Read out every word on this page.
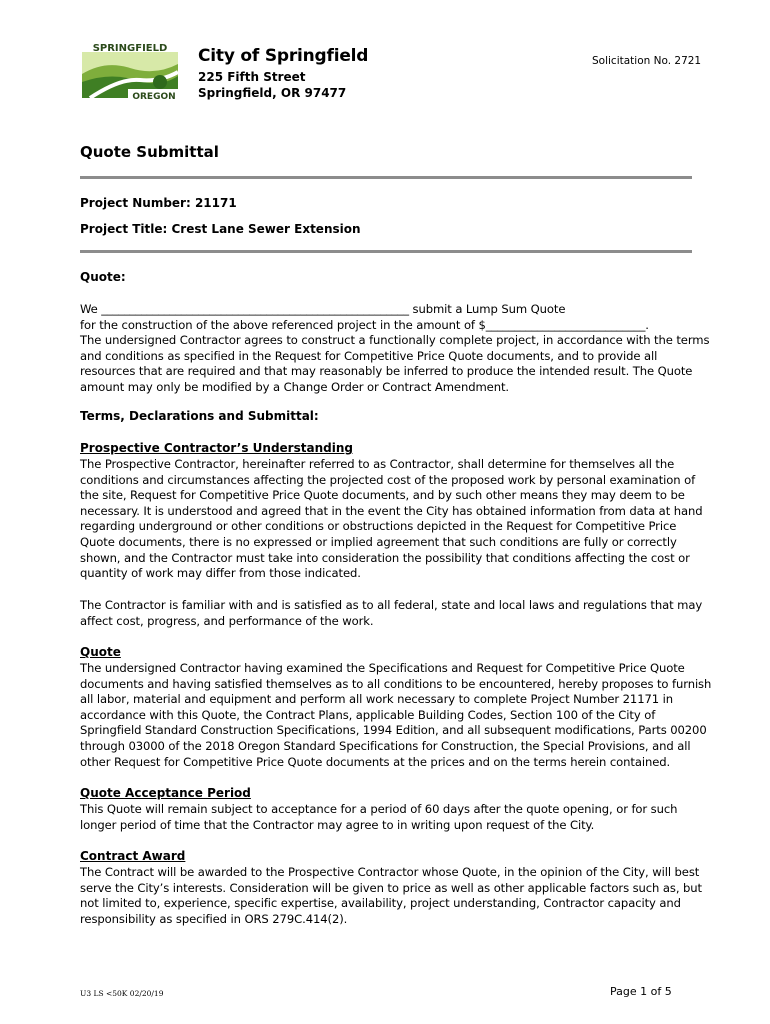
SPRINGFIELD
OREGON
City of Springfield
225 Fifth Street
Springfield, OR 97477
Solicitation No. 2721
Quote Submittal
Project Number: 21171
Project Title: Crest Lane Sewer Extension
Quote:
We ______________________________________________________ submit a Lump Sum Quote
for the construction of the above referenced project in the amount of $____________________________.
The undersigned Contractor agrees to construct a functionally complete project, in accordance with the terms
and conditions as specified in the Request for Competitive Price Quote documents, and to provide all
resources that are required and that may reasonably be inferred to produce the intended result. The Quote
amount may only be modified by a Change Order or Contract Amendment.
Terms, Declarations and Submittal:
Prospective Contractor’s Understanding
The Prospective Contractor, hereinafter referred to as Contractor, shall determine for themselves all the
conditions and circumstances affecting the projected cost of the proposed work by personal examination of
the site, Request for Competitive Price Quote documents, and by such other means they may deem to be
necessary. It is understood and agreed that in the event the City has obtained information from data at hand
regarding underground or other conditions or obstructions depicted in the Request for Competitive Price
Quote documents, there is no expressed or implied agreement that such conditions are fully or correctly
shown, and the Contractor must take into consideration the possibility that conditions affecting the cost or
quantity of work may differ from those indicated.
The Contractor is familiar with and is satisfied as to all federal, state and local laws and regulations that may
affect cost, progress, and performance of the work.
Quote
The undersigned Contractor having examined the Specifications and Request for Competitive Price Quote
documents and having satisfied themselves as to all conditions to be encountered, hereby proposes to furnish
all labor, material and equipment and perform all work necessary to complete Project Number 21171 in
accordance with this Quote, the Contract Plans, applicable Building Codes, Section 100 of the City of
Springfield Standard Construction Specifications, 1994 Edition, and all subsequent modifications, Parts 00200
through 03000 of the 2018 Oregon Standard Specifications for Construction, the Special Provisions, and all
other Request for Competitive Price Quote documents at the prices and on the terms herein contained.
Quote Acceptance Period
This Quote will remain subject to acceptance for a period of 60 days after the quote opening, or for such
longer period of time that the Contractor may agree to in writing upon request of the City.
Contract Award
The Contract will be awarded to the Prospective Contractor whose Quote, in the opinion of the City, will best
serve the City’s interests. Consideration will be given to price as well as other applicable factors such as, but
not limited to, experience, specific expertise, availability, project understanding, Contractor capacity and
responsibility as specified in ORS 279C.414(2).
U3 LS <50K 02/20/19	Page 1 of 5
